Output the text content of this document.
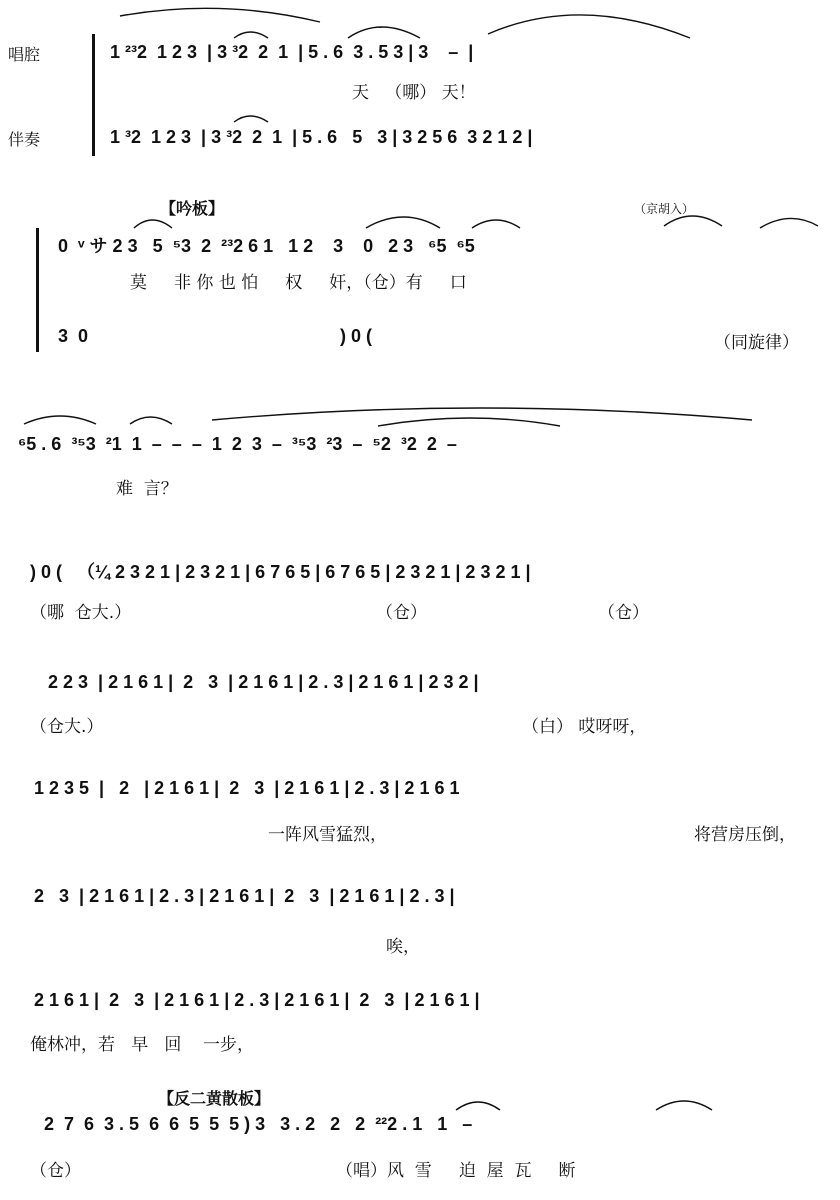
唱腔	1 ²³2  1 2 3  | 3 ³2  2  1  | 5 . 6  3 . 5 3 | 3    –  |
天   （哪） 天！
伴奏	1 ³2  1 2 3  | 3 ³2  2  1  | 5 . 6   5   3 | 3 2 5 6  3 2 1 2 |
【吟板】	（京胡入）
0  ᵛ サ 2 3   5  ⁵3  2  ²³2 6 1   1 2    3    0   2 3   ⁶5  ⁶5
莫     非 你 也 怕     权     奸，（仓）有     口
3  0	) 0 (	（同旋律）
⁶5 . 6  ³⁵3  ²1  1  –  –  –  1  2  3  –  ³⁵3  ²3  –  ⁵2  ³2  2  –
难  言？
) 0 (   （¼ 2 3 2 1 | 2 3 2 1 | 6 7 6 5 | 6 7 6 5 | 2 3 2 1 | 2 3 2 1 |
（哪  仓大.）	（仓）	（仓）
2 2 3  | 2 1 6 1 |  2   3  | 2 1 6 1 | 2 . 3 | 2 1 6 1 | 2 3 2 |
（仓大.）	（白） 哎呀呀，
1 2 3 5  |   2   | 2 1 6 1 |  2   3  | 2 1 6 1 | 2 . 3 | 2 1 6 1
一阵风雪猛烈，	将营房压倒，
2   3  | 2 1 6 1 | 2 . 3 | 2 1 6 1 |  2   3  | 2 1 6 1 | 2 . 3 |
唉，
2 1 6 1 |  2   3  | 2 1 6 1 | 2 . 3 | 2 1 6 1 |  2   3  | 2 1 6 1 |
俺林冲，若   早   回    一步，
【反二黄散板】
2  7  6  3 . 5  6  6  5  5  5 ) 3   3 . 2   2   2  ²²2 . 1   1   –
（仓）	（唱）风  雪     迫  屋  瓦     断
